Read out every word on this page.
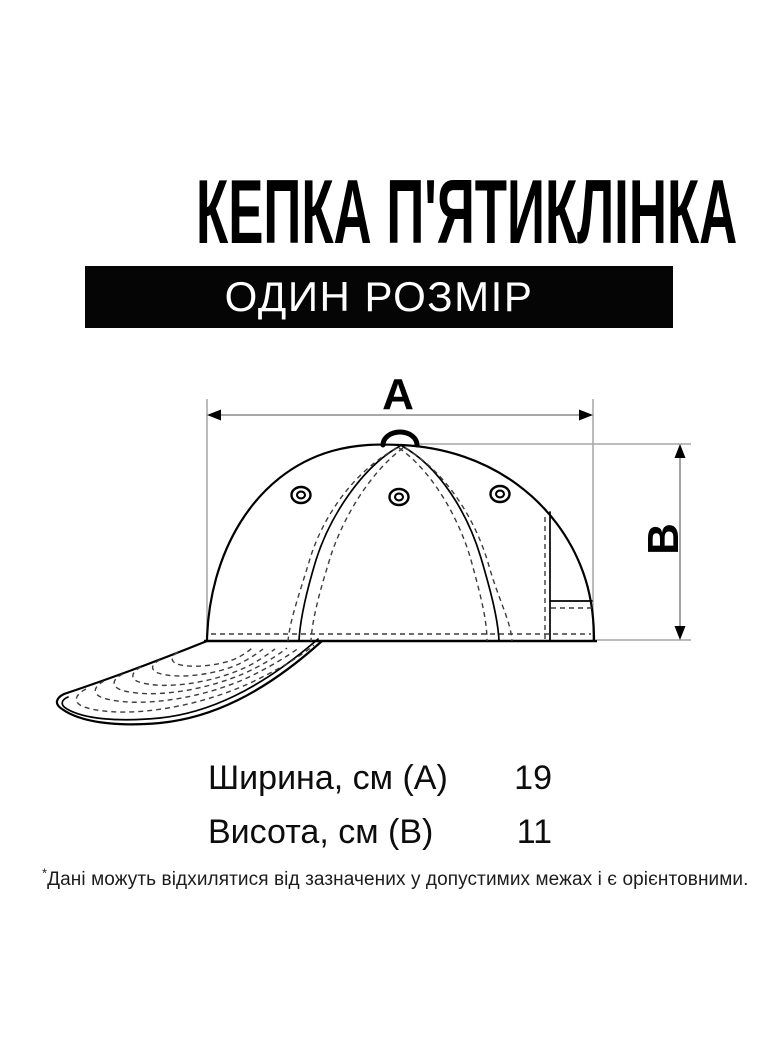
КЕПКА П'ЯТИКЛІНКА
ОДИН РОЗМІР
A
B
Ширина, см (А)	19
Висота, см (В)	11
*Дані можуть відхилятися від зазначених у допустимих межах і є орієнтовними.
